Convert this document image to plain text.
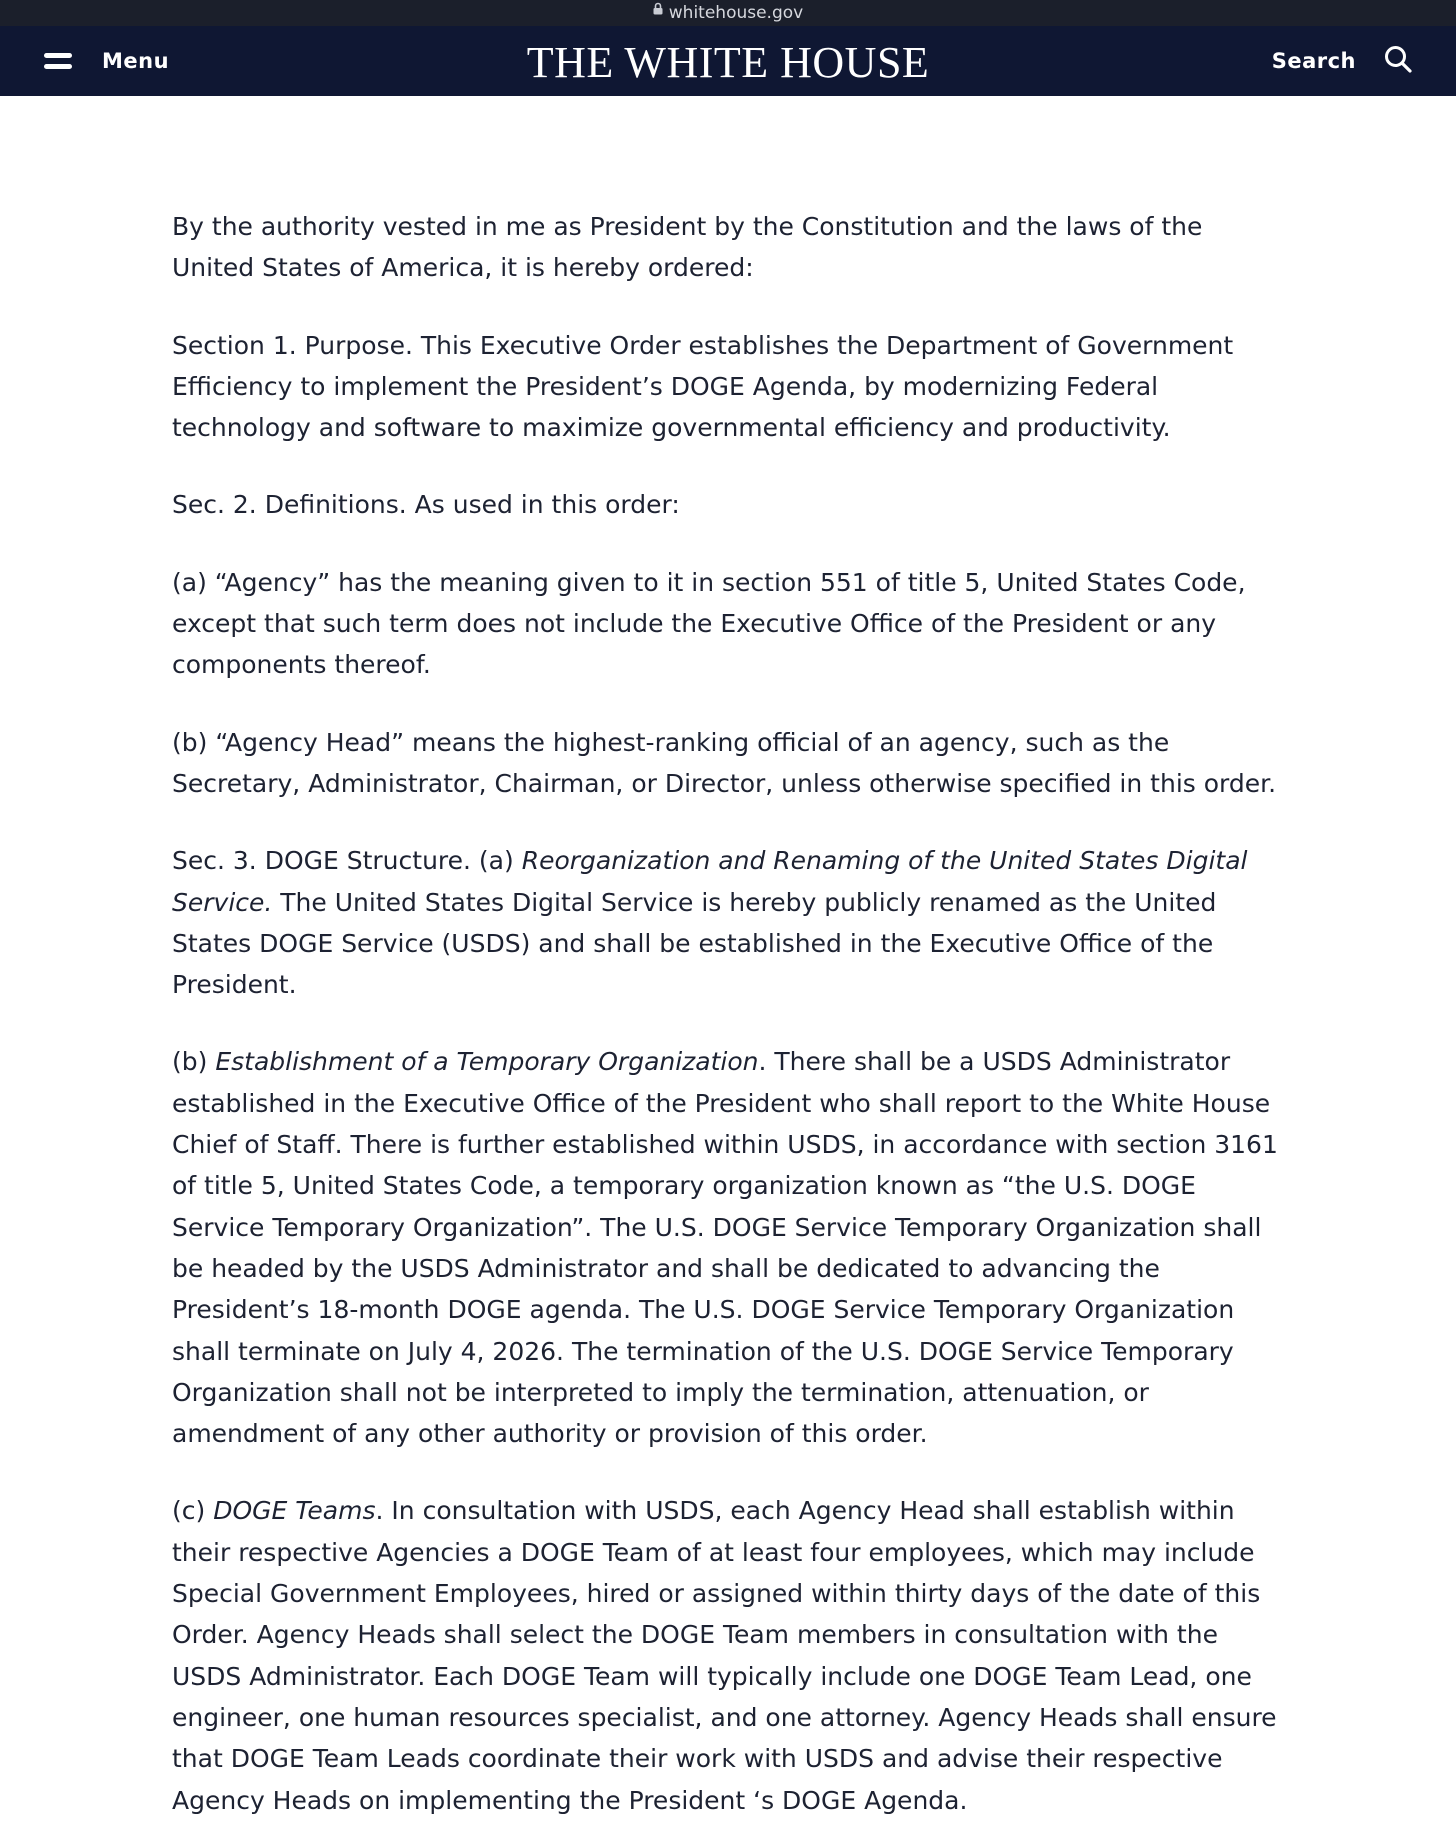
whitehouse.gov
Menu	THE WHITE HOUSE	Search

By the authority vested in me as President by the Constitution and the laws of the United States of America, it is hereby ordered:

Section 1. Purpose. This Executive Order establishes the Department of Government Efficiency to implement the President’s DOGE Agenda, by modernizing Federal technology and software to maximize governmental efficiency and productivity.

Sec. 2. Definitions. As used in this order:

(a) “Agency” has the meaning given to it in section 551 of title 5, United States Code, except that such term does not include the Executive Office of the President or any components thereof.

(b) “Agency Head” means the highest-ranking official of an agency, such as the Secretary, Administrator, Chairman, or Director, unless otherwise specified in this order.

Sec. 3. DOGE Structure. (a) Reorganization and Renaming of the United States Digital Service. The United States Digital Service is hereby publicly renamed as the United States DOGE Service (USDS) and shall be established in the Executive Office of the President.

(b) Establishment of a Temporary Organization. There shall be a USDS Administrator established in the Executive Office of the President who shall report to the White House Chief of Staff. There is further established within USDS, in accordance with section 3161 of title 5, United States Code, a temporary organization known as “the U.S. DOGE Service Temporary Organization”. The U.S. DOGE Service Temporary Organization shall be headed by the USDS Administrator and shall be dedicated to advancing the President’s 18-month DOGE agenda. The U.S. DOGE Service Temporary Organization shall terminate on July 4, 2026. The termination of the U.S. DOGE Service Temporary Organization shall not be interpreted to imply the termination, attenuation, or amendment of any other authority or provision of this order.

(c) DOGE Teams. In consultation with USDS, each Agency Head shall establish within their respective Agencies a DOGE Team of at least four employees, which may include Special Government Employees, hired or assigned within thirty days of the date of this Order. Agency Heads shall select the DOGE Team members in consultation with the USDS Administrator. Each DOGE Team will typically include one DOGE Team Lead, one engineer, one human resources specialist, and one attorney. Agency Heads shall ensure that DOGE Team Leads coordinate their work with USDS and advise their respective Agency Heads on implementing the President ‘s DOGE Agenda.
